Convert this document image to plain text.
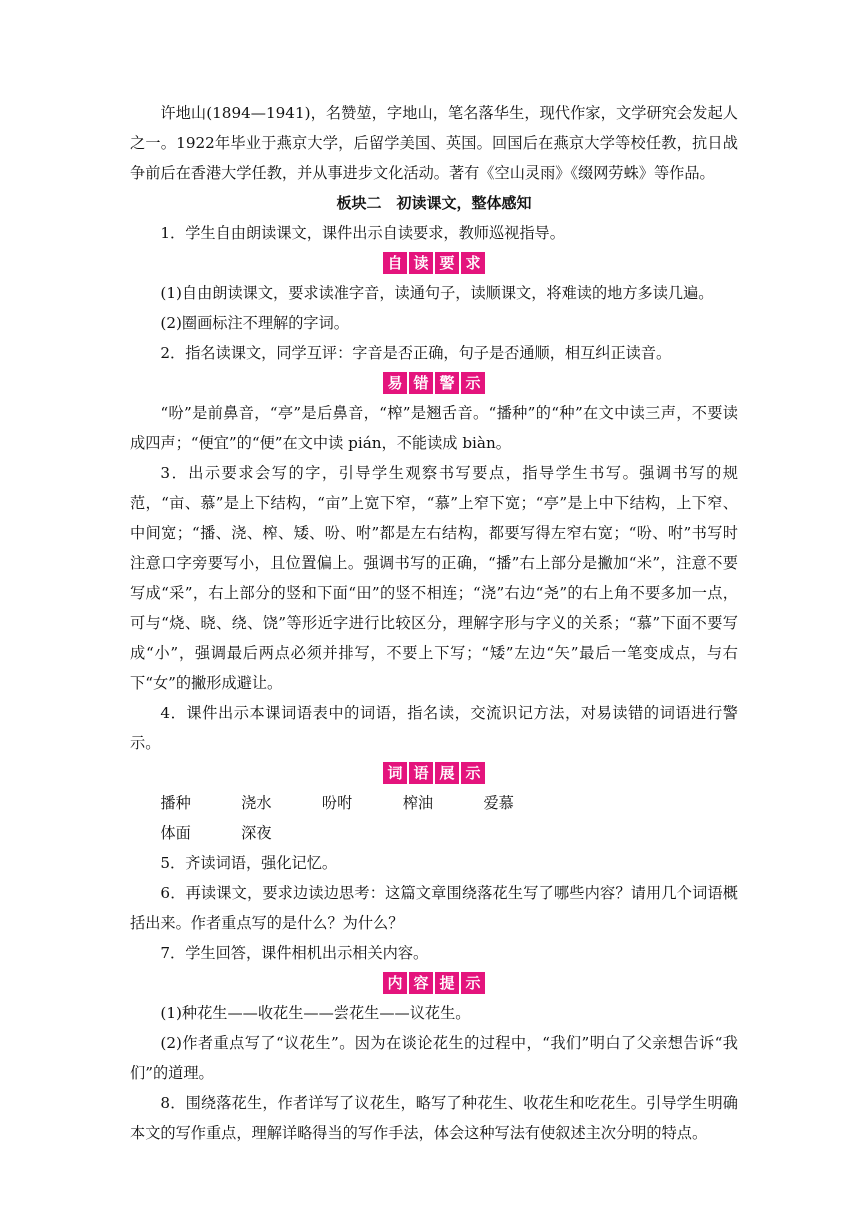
许地山(1894—1941)，名赞堃，字地山，笔名落华生，现代作家，文学研究会发起人之一。1922年毕业于燕京大学，后留学美国、英国。回国后在燕京大学等校任教，抗日战争前后在香港大学任教，并从事进步文化活动。著有《空山灵雨》《缀网劳蛛》等作品。

板块二　初读课文，整体感知

1．学生自由朗读课文，课件出示自读要求，教师巡视指导。

自 读 要 求

(1)自由朗读课文，要求读准字音，读通句子，读顺课文，将难读的地方多读几遍。

(2)圈画标注不理解的字词。

2．指名读课文，同学互评：字音是否正确，句子是否通顺，相互纠正读音。

易 错 警 示

“吩”是前鼻音，“亭”是后鼻音，“榨”是翘舌音。“播种”的“种”在文中读三声，不要读成四声；“便宜”的“便”在文中读 pián，不能读成 biàn。

3．出示要求会写的字，引导学生观察书写要点，指导学生书写。强调书写的规范，“亩、慕”是上下结构，“亩”上宽下窄，“慕”上窄下宽；“亭”是上中下结构，上下窄、中间宽；“播、浇、榨、矮、吩、咐”都是左右结构，都要写得左窄右宽；“吩、咐”书写时注意口字旁要写小，且位置偏上。强调书写的正确，“播”右上部分是撇加“米”，注意不要写成“采”，右上部分的竖和下面“田”的竖不相连；“浇”右边“尧”的右上角不要多加一点，可与“烧、晓、绕、饶”等形近字进行比较区分，理解字形与字义的关系；“慕”下面不要写成“小”，强调最后两点必须并排写，不要上下写；“矮”左边“矢”最后一笔变成点，与右下“女”的撇形成避让。

4．课件出示本课词语表中的词语，指名读，交流识记方法，对易读错的词语进行警示。

词 语 展 示

播种	浇水	吩咐	榨油	爱慕

体面	深夜

5．齐读词语，强化记忆。

6．再读课文，要求边读边思考：这篇文章围绕落花生写了哪些内容？请用几个词语概括出来。作者重点写的是什么？为什么？

7．学生回答，课件相机出示相关内容。

内 容 提 示

(1)种花生——收花生——尝花生——议花生。

(2)作者重点写了“议花生”。因为在谈论花生的过程中，“我们”明白了父亲想告诉“我们”的道理。

8．围绕落花生，作者详写了议花生，略写了种花生、收花生和吃花生。引导学生明确本文的写作重点，理解详略得当的写作手法，体会这种写法有使叙述主次分明的特点。
